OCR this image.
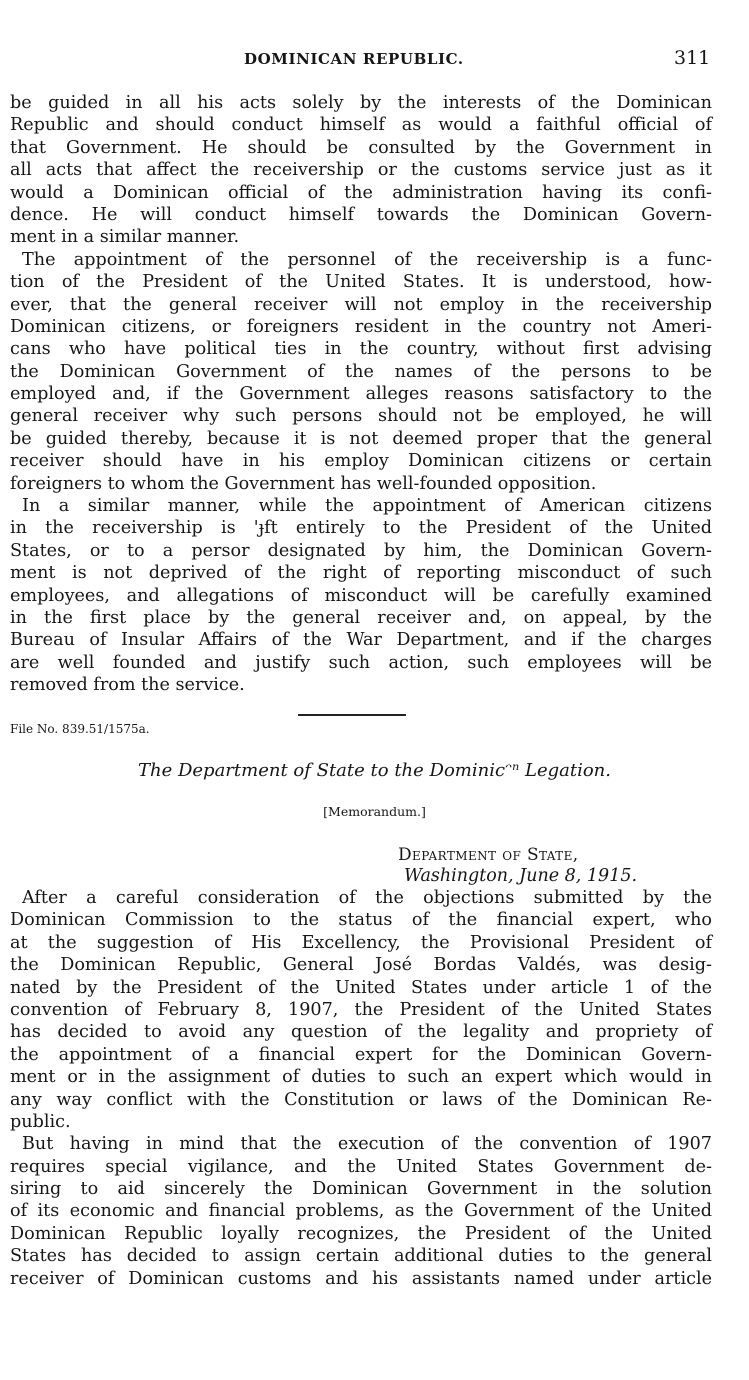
DOMINICAN REPUBLIC.	311
be guided in all his acts solely by the interests of the Dominican
Republic and should conduct himself as would a faithful official of
that Government. He should be consulted by the Government in
all acts that affect the receivership or the customs service just as it
would a Dominican official of the administration having its confi-
dence. He will conduct himself towards the Dominican Govern-
ment in a similar manner.
The appointment of the personnel of the receivership is a func-
tion of the President of the United States. It is understood, how-
ever, that the general receiver will not employ in the receivership
Dominican citizens, or foreigners resident in the country not Ameri-
cans who have political ties in the country, without first advising
the Dominican Government of the names of the persons to be
employed and, if the Government alleges reasons satisfactory to the
general receiver why such persons should not be employed, he will
be guided thereby, because it is not deemed proper that the general
receiver should have in his employ Dominican citizens or certain
foreigners to whom the Government has well-founded opposition.
In a similar manner, while the appointment of American citizens
in the receivership is 'ɟft entirely to the President of the United
States, or to a persor designated by him, the Dominican Govern-
ment is not deprived of the right of reporting misconduct of such
employees, and allegations of misconduct will be carefully examined
in the first place by the general receiver and, on appeal, by the
Bureau of Insular Affairs of the War Department, and if the charges
are well founded and justify such action, such employees will be
removed from the service.
File No. 839.51/1575a.
The Department of State to the Dominicᵔⁿ Legation.
[Memorandum.]
Department of State,
Washington, June 8, 1915.
After a careful consideration of the objections submitted by the
Dominican Commission to the status of the financial expert, who
at the suggestion of His Excellency, the Provisional President of
the Dominican Republic, General José Bordas Valdés, was desig-
nated by the President of the United States under article 1 of the
convention of February 8, 1907, the President of the United States
has decided to avoid any question of the legality and propriety of
the appointment of a financial expert for the Dominican Govern-
ment or in the assignment of duties to such an expert which would in
any way conflict with the Constitution or laws of the Dominican Re-
public.
But having in mind that the execution of the convention of 1907
requires special vigilance, and the United States Government de-
siring to aid sincerely the Dominican Government in the solution
of its economic and financial problems, as the Government of the United
Dominican Republic loyally recognizes, the President of the United
States has decided to assign certain additional duties to the general
receiver of Dominican customs and his assistants named under article
